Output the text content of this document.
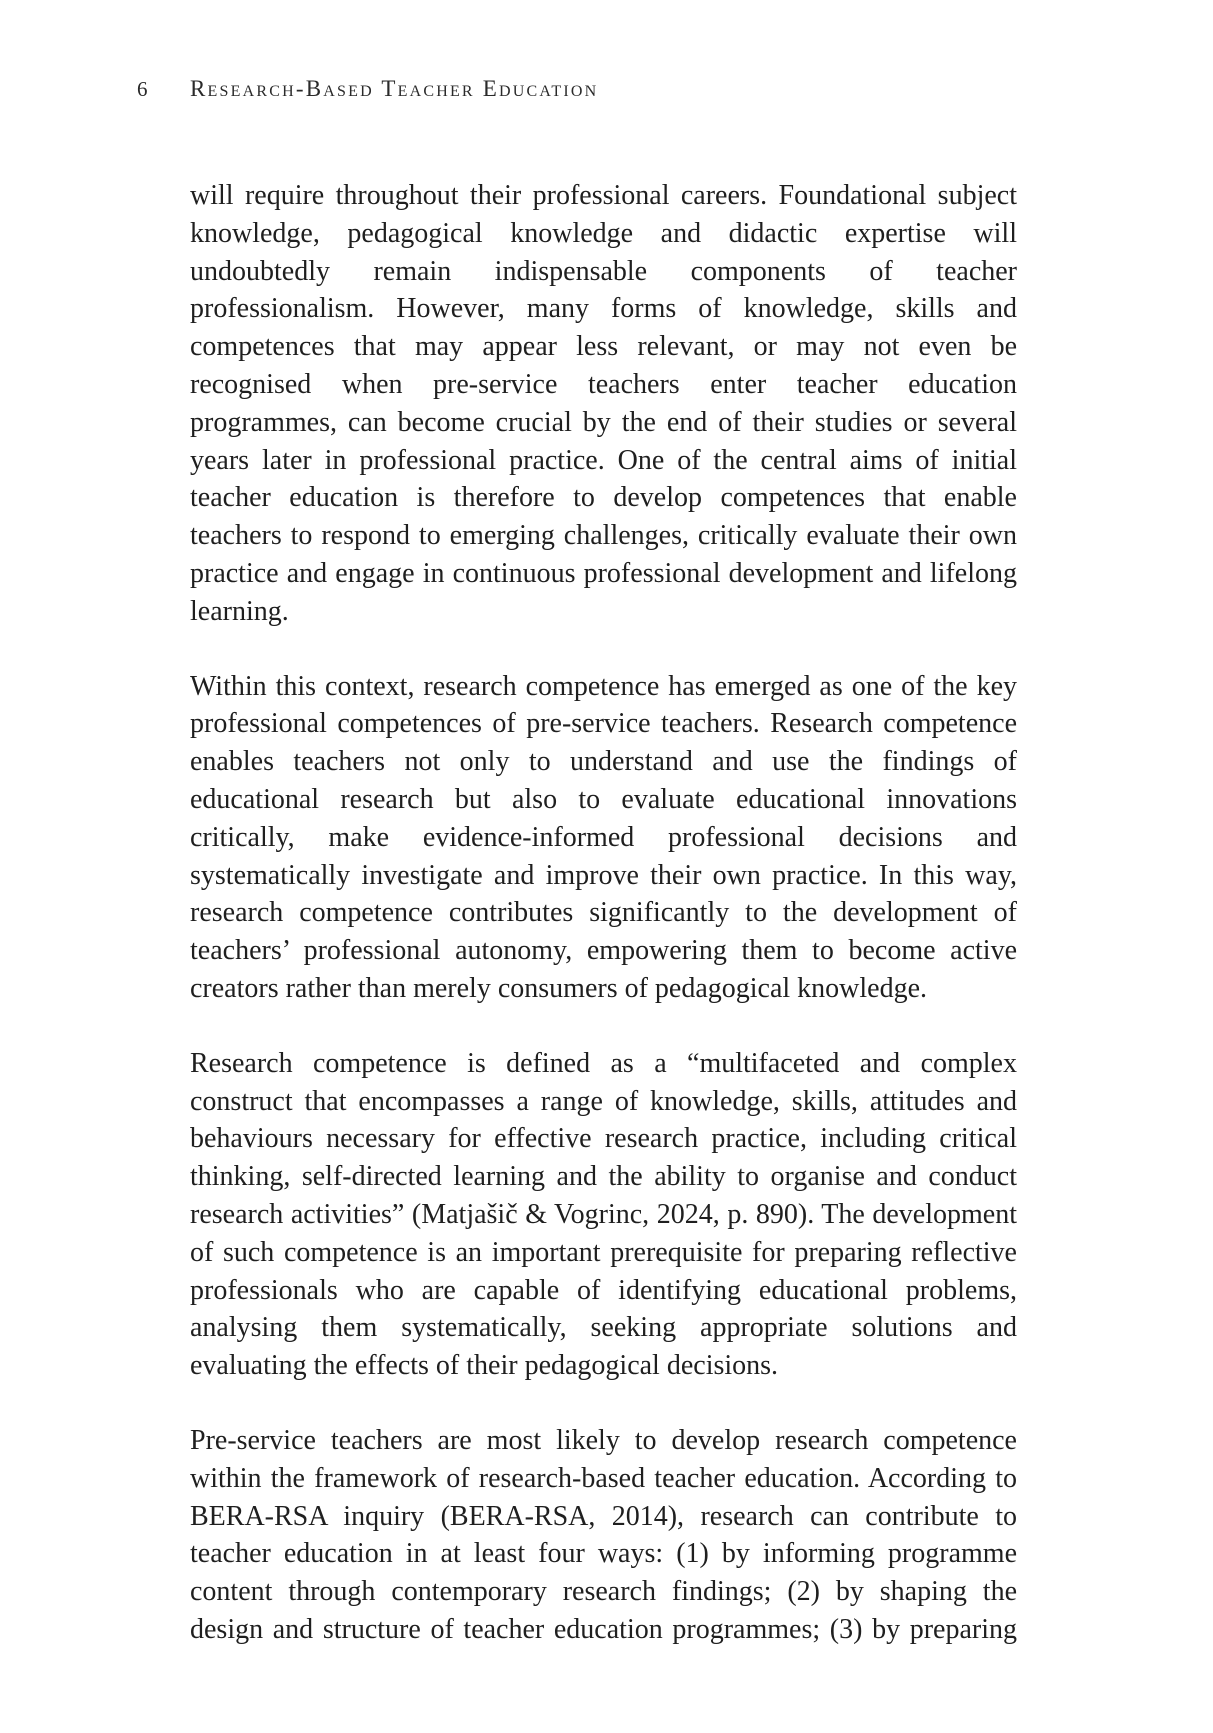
6	Research-Based Teacher Education

will require throughout their professional careers. Foundational subject knowledge, pedagogical knowledge and didactic expertise will undoubtedly remain indispensable components of teacher professionalism. However, many forms of knowledge, skills and competences that may appear less relevant, or may not even be recognised when pre-service teachers enter teacher education programmes, can become crucial by the end of their studies or several years later in professional practice. One of the central aims of initial teacher education is therefore to develop competences that enable teachers to respond to emerging challenges, critically evaluate their own practice and engage in continuous professional development and lifelong learning.

Within this context, research competence has emerged as one of the key professional competences of pre-service teachers. Research competence enables teachers not only to understand and use the findings of educational research but also to evaluate educational innovations critically, make evidence-informed professional decisions and systematically investigate and improve their own practice. In this way, research competence contributes significantly to the development of teachers’ professional autonomy, empowering them to become active creators rather than merely consumers of pedagogical knowledge.

Research competence is defined as a “multifaceted and complex construct that encompasses a range of knowledge, skills, attitudes and behaviours necessary for effective research practice, including critical thinking, self-directed learning and the ability to organise and conduct research activities” (Matjašič & Vogrinc, 2024, p. 890). The development of such competence is an important prerequisite for preparing reflective professionals who are capable of identifying educational problems, analysing them systematically, seeking appropriate solutions and evaluating the effects of their pedagogical decisions.

Pre-service teachers are most likely to develop research competence within the framework of research-based teacher education. According to BERA-RSA inquiry (BERA-RSA, 2014), research can contribute to teacher education in at least four ways: (1) by informing programme content through contemporary research findings; (2) by shaping the design and structure of teacher education programmes; (3) by preparing
